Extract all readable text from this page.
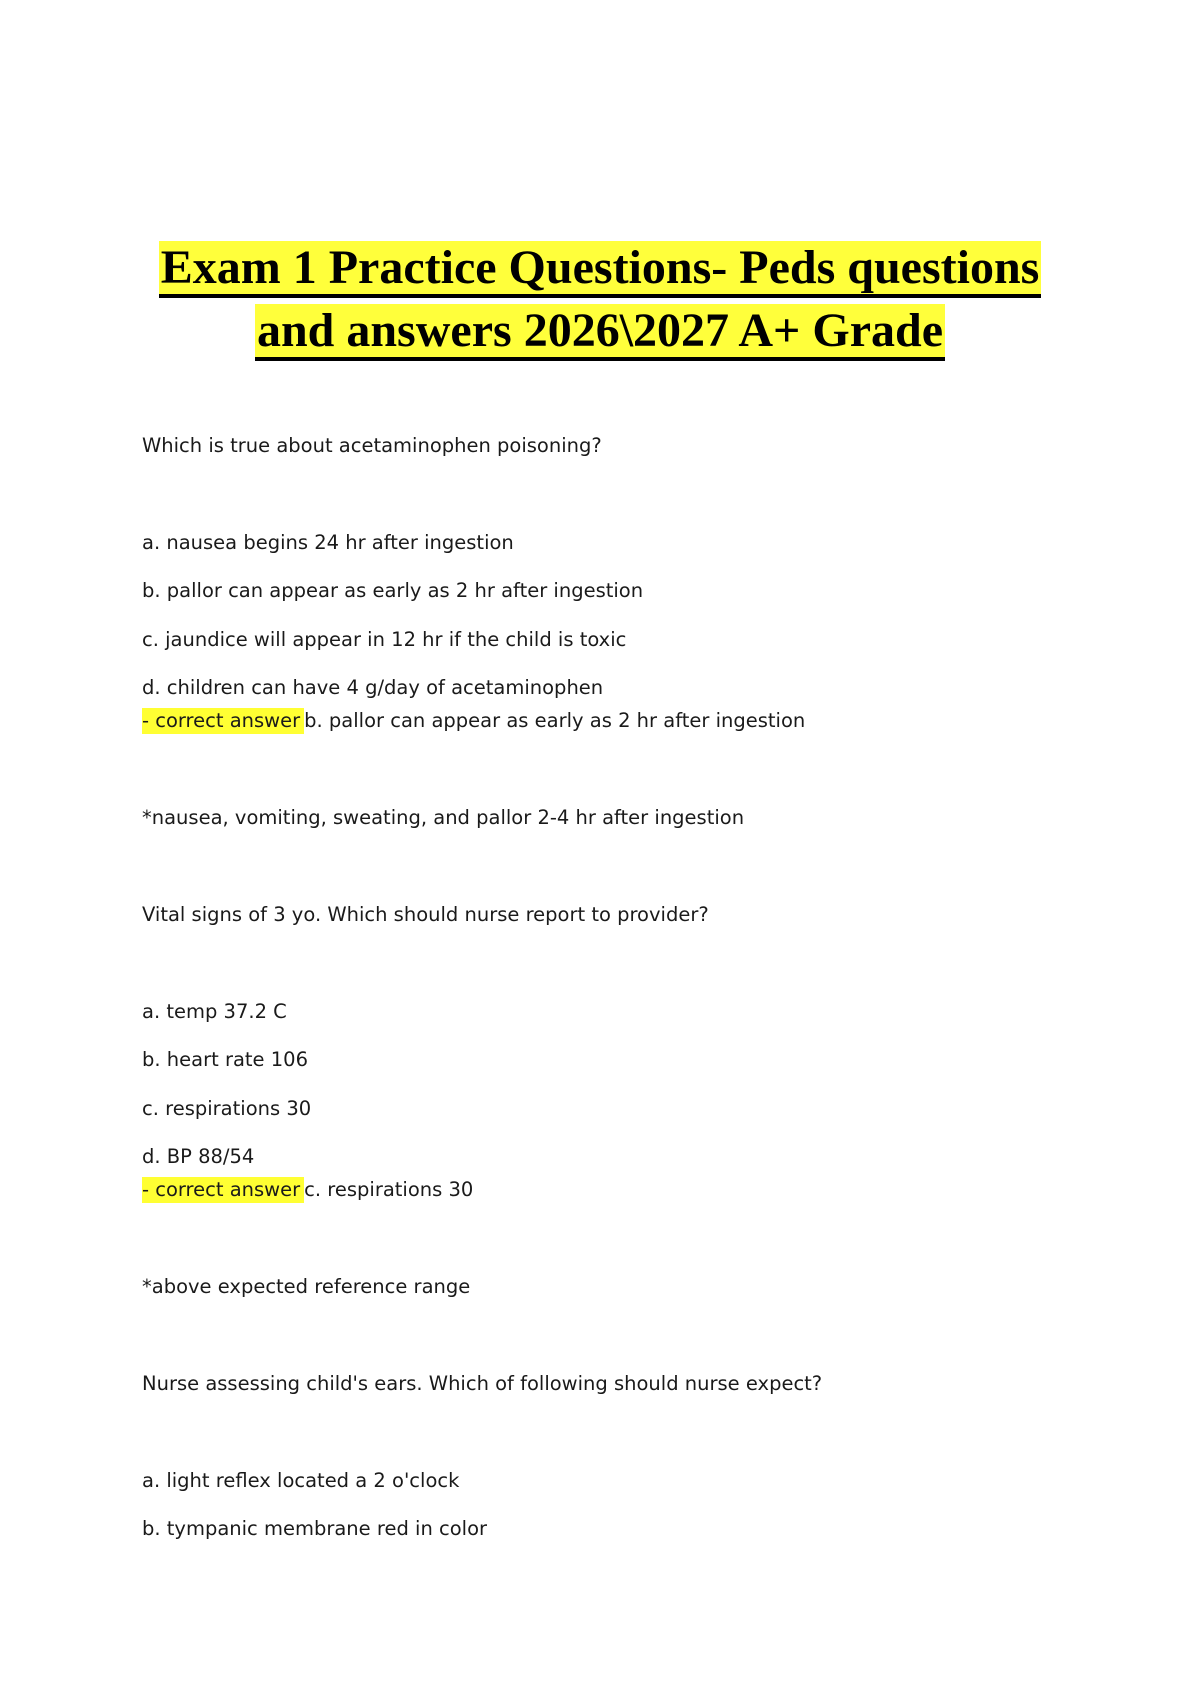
Exam 1 Practice Questions- Peds questions
and answers 2026\2027 A+ Grade
Which is true about acetaminophen poisoning?
a. nausea begins 24 hr after ingestion
b. pallor can appear as early as 2 hr after ingestion
c. jaundice will appear in 12 hr if the child is toxic
d. children can have 4 g/day of acetaminophen
- correct answer b. pallor can appear as early as 2 hr after ingestion
*nausea, vomiting, sweating, and pallor 2-4 hr after ingestion
Vital signs of 3 yo. Which should nurse report to provider?
a. temp 37.2 C
b. heart rate 106
c. respirations 30
d. BP 88/54
- correct answer c. respirations 30
*above expected reference range
Nurse assessing child's ears. Which of following should nurse expect?
a. light reflex located a 2 o'clock
b. tympanic membrane red in color
